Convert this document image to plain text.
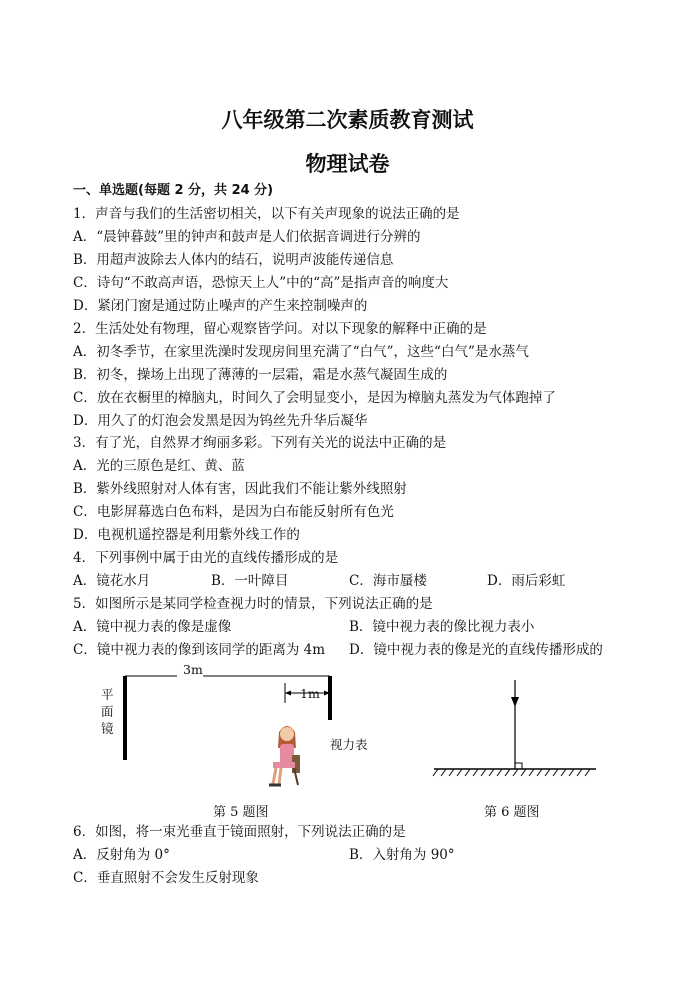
八年级第二次素质教育测试
物理试卷
一、单选题(每题 2 分，共 24 分)
1．声音与我们的生活密切相关，以下有关声现象的说法正确的是
A．“晨钟暮鼓”里的钟声和鼓声是人们依据音调进行分辨的
B．用超声波除去人体内的结石，说明声波能传递信息
C．诗句“不敢高声语，恐惊天上人”中的“高”是指声音的响度大
D．紧闭门窗是通过防止噪声的产生来控制噪声的
2．生活处处有物理，留心观察皆学问。对以下现象的解释中正确的是
A．初冬季节，在家里洗澡时发现房间里充满了“白气”，这些“白气”是水蒸气
B．初冬，操场上出现了薄薄的一层霜，霜是水蒸气凝固生成的
C．放在衣橱里的樟脑丸，时间久了会明显变小，是因为樟脑丸蒸发为气体跑掉了
D．用久了的灯泡会发黑是因为钨丝先升华后凝华
3．有了光，自然界才绚丽多彩。下列有关光的说法中正确的是
A．光的三原色是红、黄、蓝
B．紫外线照射对人体有害，因此我们不能让紫外线照射
C．电影屏幕选白色布料，是因为白布能反射所有色光
D．电视机遥控器是利用紫外线工作的
4．下列事例中属于由光的直线传播形成的是
A．镜花水月	B．一叶障目	C．海市蜃楼	D．雨后彩虹
5．如图所示是某同学检查视力时的情景，下列说法正确的是
A．镜中视力表的像是虚像	B．镜中视力表的像比视力表小
C．镜中视力表的像到该同学的距离为 4m D．镜中视力表的像是光的直线传播形成的
3m
1m
视力表
平
面
镜
第 5 题图	第 6 题图
6．如图，将一束光垂直于镜面照射，下列说法正确的是
A．反射角为 0°	B．入射角为 90°
C．垂直照射不会发生反射现象
